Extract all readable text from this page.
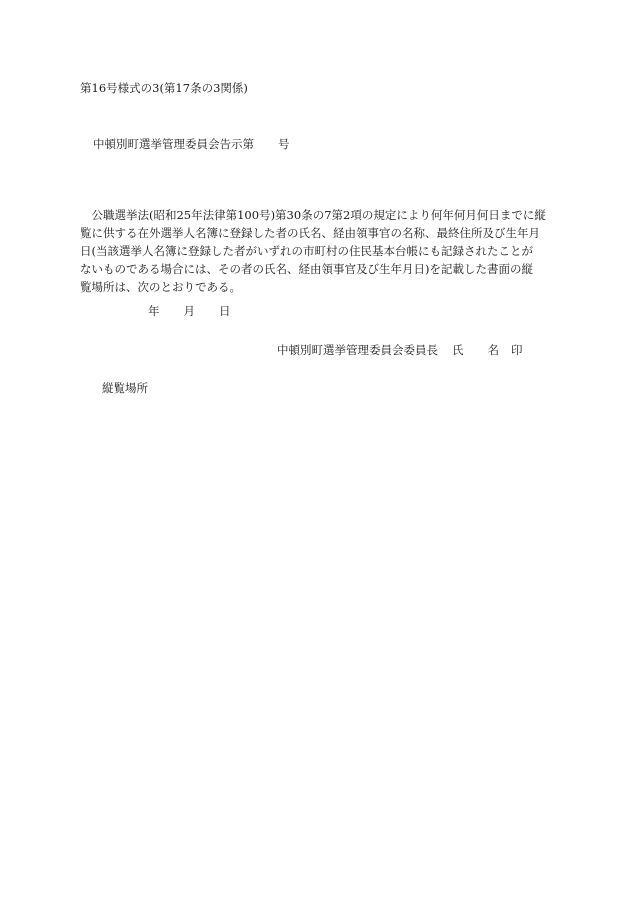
第16号様式の3(第17条の3関係)
中頓別町選挙管理委員会告示第 号
　公職選挙法(昭和25年法律第100号)第30条の7第2項の規定により何年何月何日までに縦
覧に供する在外選挙人名簿に登録した者の氏名、経由領事官の名称、最終住所及び生年月
日(当該選挙人名簿に登録した者がいずれの市町村の住民基本台帳にも記録されたことが
ないものである場合には、その者の氏名、経由領事官及び生年月日)を記載した書面の縦
覧場所は、次のとおりである。
年 月 日
中頓別町選挙管理委員会委員長 氏 名 印
縦覧場所
